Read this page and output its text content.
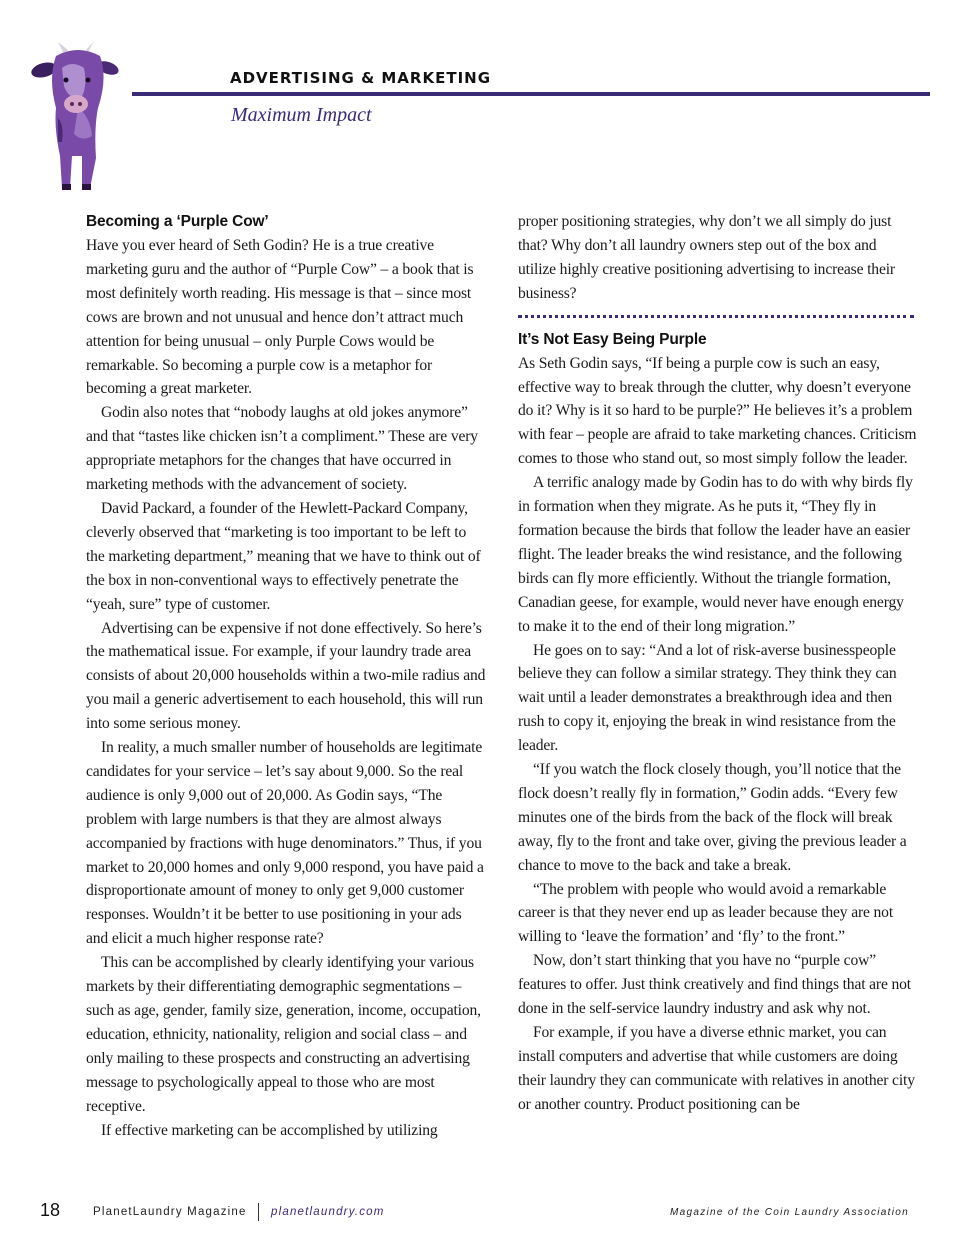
ADVERTISING & MARKETING
Maximum Impact
Becoming a ‘Purple Cow’

Have you ever heard of Seth Godin? He is a true creative marketing guru and the author of “Purple Cow” – a book that is most definitely worth reading. His message is that – since most cows are brown and not unusual and hence don’t attract much attention for being unusual – only Purple Cows would be remarkable. So becoming a purple cow is a metaphor for becoming a great marketer.

Godin also notes that “nobody laughs at old jokes anymore” and that “tastes like chicken isn’t a compliment.” These are very appropriate metaphors for the changes that have occurred in marketing methods with the advancement of society.

David Packard, a founder of the Hewlett-Packard Company, cleverly observed that “marketing is too important to be left to the marketing department,” meaning that we have to think out of the box in non-conventional ways to effectively penetrate the “yeah, sure” type of customer.

Advertising can be expensive if not done effectively. So here’s the mathematical issue. For example, if your laundry trade area consists of about 20,000 households within a two-mile radius and you mail a generic advertisement to each household, this will run into some serious money.

In reality, a much smaller number of households are legitimate candidates for your service – let’s say about 9,000. So the real audience is only 9,000 out of 20,000. As Godin says, “The problem with large numbers is that they are almost always accompanied by fractions with huge denominators.” Thus, if you market to 20,000 homes and only 9,000 respond, you have paid a disproportionate amount of money to only get 9,000 customer responses. Wouldn’t it be better to use positioning in your ads and elicit a much higher response rate?

This can be accomplished by clearly identifying your various markets by their differentiating demographic segmentations – such as age, gender, family size, generation, income, occupation, education, ethnicity, nationality, religion and social class – and only mailing to these prospects and constructing an advertising message to psychologically appeal to those who are most receptive.

If effective marketing can be accomplished by utilizing

proper positioning strategies, why don’t we all simply do just that? Why don’t all laundry owners step out of the box and utilize highly creative positioning advertising to increase their business?

It’s Not Easy Being Purple

As Seth Godin says, “If being a purple cow is such an easy, effective way to break through the clutter, why doesn’t everyone do it? Why is it so hard to be purple?” He believes it’s a problem with fear – people are afraid to take marketing chances. Criticism comes to those who stand out, so most simply follow the leader.

A terrific analogy made by Godin has to do with why birds fly in formation when they migrate. As he puts it, “They fly in formation because the birds that follow the leader have an easier flight. The leader breaks the wind resistance, and the following birds can fly more efficiently. Without the triangle formation, Canadian geese, for example, would never have enough energy to make it to the end of their long migration.”

He goes on to say: “And a lot of risk-averse businesspeople believe they can follow a similar strategy. They think they can wait until a leader demonstrates a breakthrough idea and then rush to copy it, enjoying the break in wind resistance from the leader.

“If you watch the flock closely though, you’ll notice that the flock doesn’t really fly in formation,” Godin adds. “Every few minutes one of the birds from the back of the flock will break away, fly to the front and take over, giving the previous leader a chance to move to the back and take a break.

“The problem with people who would avoid a remarkable career is that they never end up as leader because they are not willing to ‘leave the formation’ and ‘fly’ to the front.”

Now, don’t start thinking that you have no “purple cow” features to offer. Just think creatively and find things that are not done in the self-service laundry industry and ask why not.

For example, if you have a diverse ethnic market, you can install computers and advertise that while customers are doing their laundry they can communicate with relatives in another city or another country. Product positioning can be

18	PlanetLaundry Magazine planetlaundry.com	Magazine of the Coin Laundry Association
